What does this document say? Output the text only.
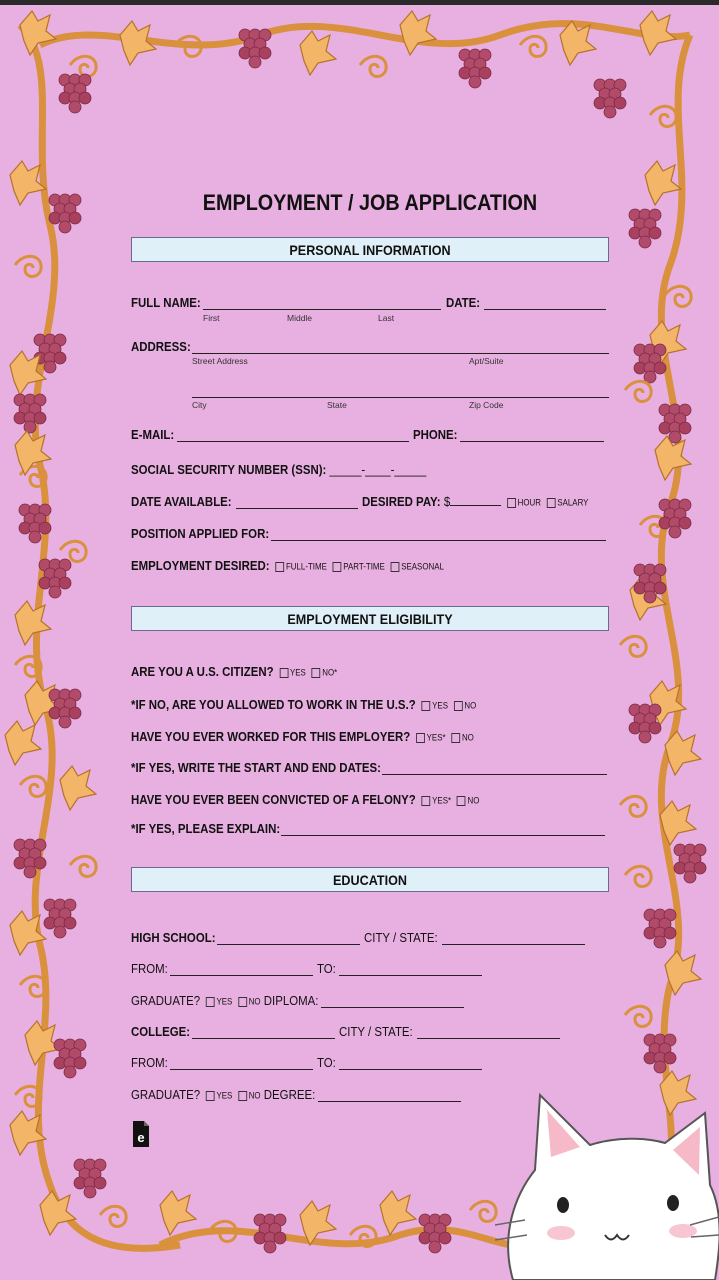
EMPLOYMENT / JOB APPLICATION
PERSONAL INFORMATION
FULL NAME:	DATE:
First	Middle	Last
ADDRESS:
Street Address	Apt/Suite
City	State	Zip Code
E-MAIL:	PHONE:
SOCIAL SECURITY NUMBER (SSN): _____-____-_____
DATE AVAILABLE:	DESIRED PAY: $	HOUR SALARY
POSITION APPLIED FOR:
EMPLOYMENT DESIRED: FULL-TIME PART-TIME SEASONAL
EMPLOYMENT ELIGIBILITY
ARE YOU A U.S. CITIZEN? YES NO*
*IF NO, ARE YOU ALLOWED TO WORK IN THE U.S.? YES NO
HAVE YOU EVER WORKED FOR THIS EMPLOYER? YES* NO
*IF YES, WRITE THE START AND END DATES:
HAVE YOU EVER BEEN CONVICTED OF A FELONY? YES* NO
*IF YES, PLEASE EXPLAIN:
EDUCATION
HIGH SCHOOL:	CITY / STATE:
FROM:	TO:
GRADUATE? YES NO DIPLOMA:
COLLEGE:	CITY / STATE:
FROM:	TO:
GRADUATE? YES NO DEGREE:
e
